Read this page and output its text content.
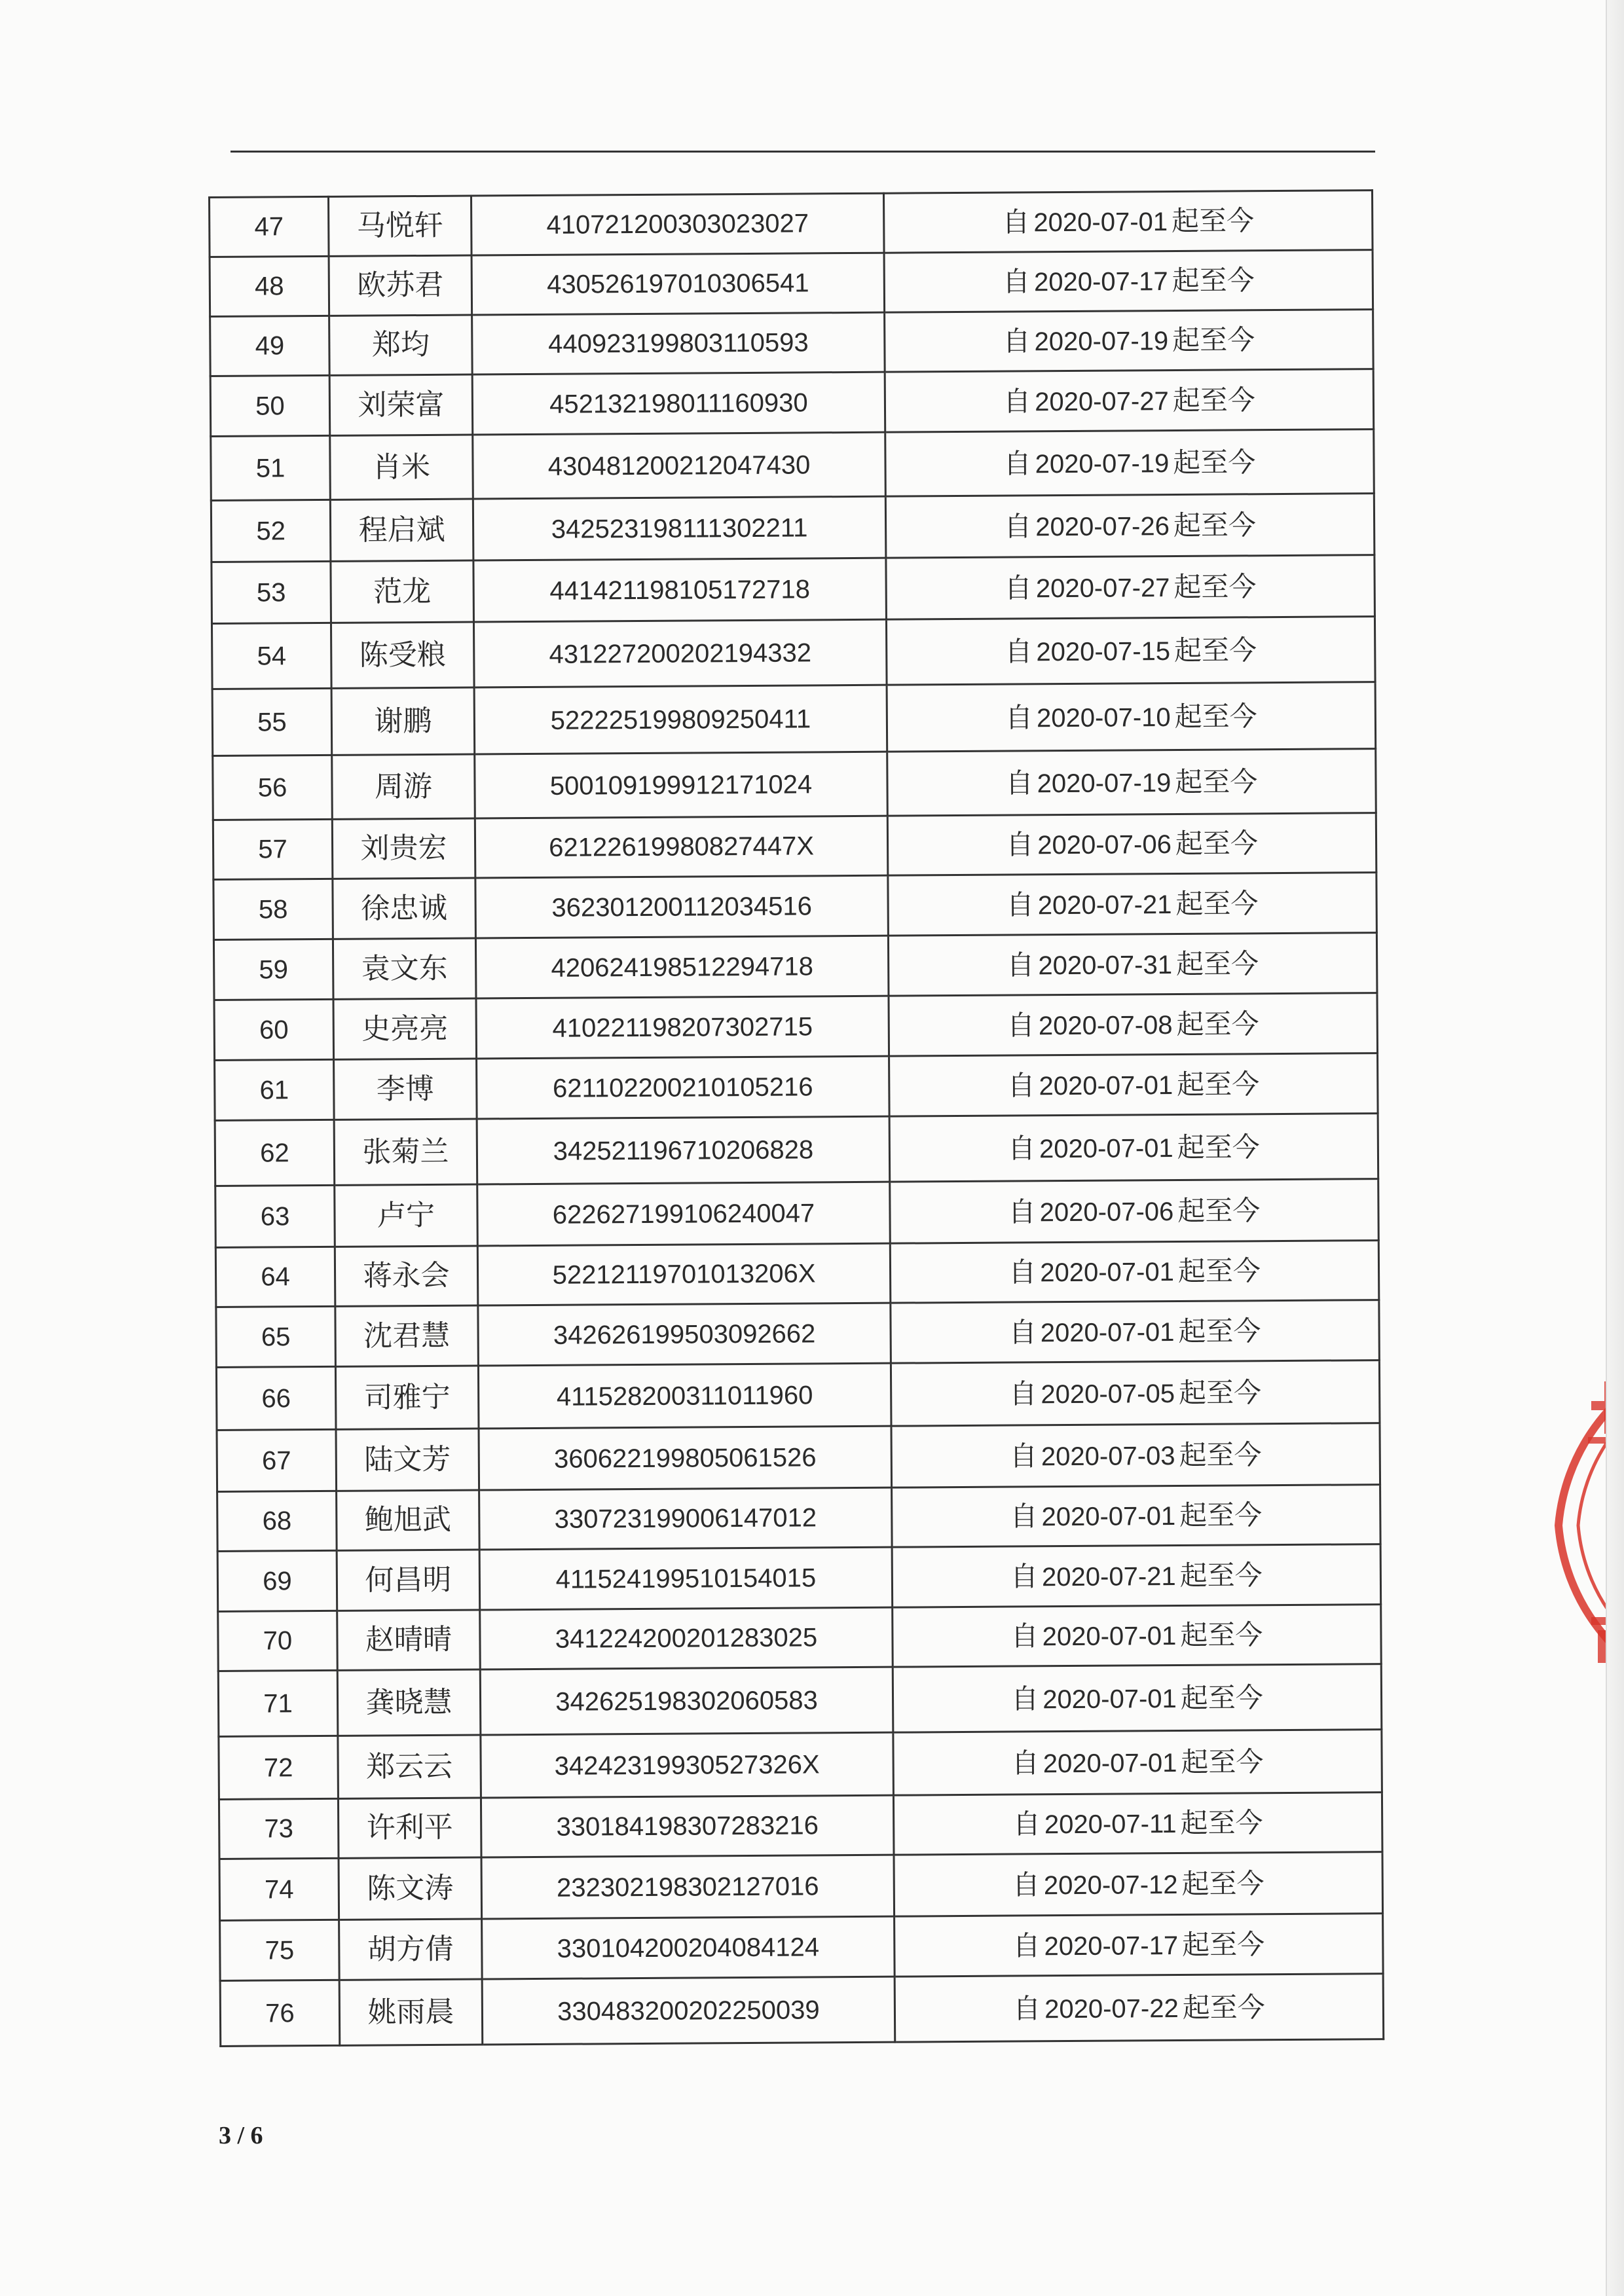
47	马悦轩	410721200303023027	自 2020-07-01 起至今
48	欧苏君	430526197010306541	自 2020-07-17 起至今
49	郑均	440923199803110593	自 2020-07-19 起至今
50	刘荣富	452132198011160930	自 2020-07-27 起至今
51	肖米	430481200212047430	自 2020-07-19 起至今
52	程启斌	342523198111302211	自 2020-07-26 起至今
53	范龙	441421198105172718	自 2020-07-27 起至今
54	陈受粮	431227200202194332	自 2020-07-15 起至今
55	谢鹏	522225199809250411	自 2020-07-10 起至今
56	周游	500109199912171024	自 2020-07-19 起至今
57	刘贵宏	62122619980827447X	自 2020-07-06 起至今
58	徐忠诚	362301200112034516	自 2020-07-21 起至今
59	袁文东	420624198512294718	自 2020-07-31 起至今
60	史亮亮	410221198207302715	自 2020-07-08 起至今
61	李博	621102200210105216	自 2020-07-01 起至今
62	张菊兰	342521196710206828	自 2020-07-01 起至今
63	卢宁	622627199106240047	自 2020-07-06 起至今
64	蒋永会	52212119701013206X	自 2020-07-01 起至今
65	沈君慧	342626199503092662	自 2020-07-01 起至今
66	司雅宁	411528200311011960	自 2020-07-05 起至今
67	陆文芳	360622199805061526	自 2020-07-03 起至今
68	鲍旭武	330723199006147012	自 2020-07-01 起至今
69	何昌明	411524199510154015	自 2020-07-21 起至今
70	赵晴晴	341224200201283025	自 2020-07-01 起至今
71	龚晓慧	342625198302060583	自 2020-07-01 起至今
72	郑云云	34242319930527326X	自 2020-07-01 起至今
73	许利平	330184198307283216	自 2020-07-11 起至今
74	陈文涛	232302198302127016	自 2020-07-12 起至今
75	胡方倩	330104200204084124	自 2020-07-17 起至今
76	姚雨晨	330483200202250039	自 2020-07-22 起至今
3 / 6
